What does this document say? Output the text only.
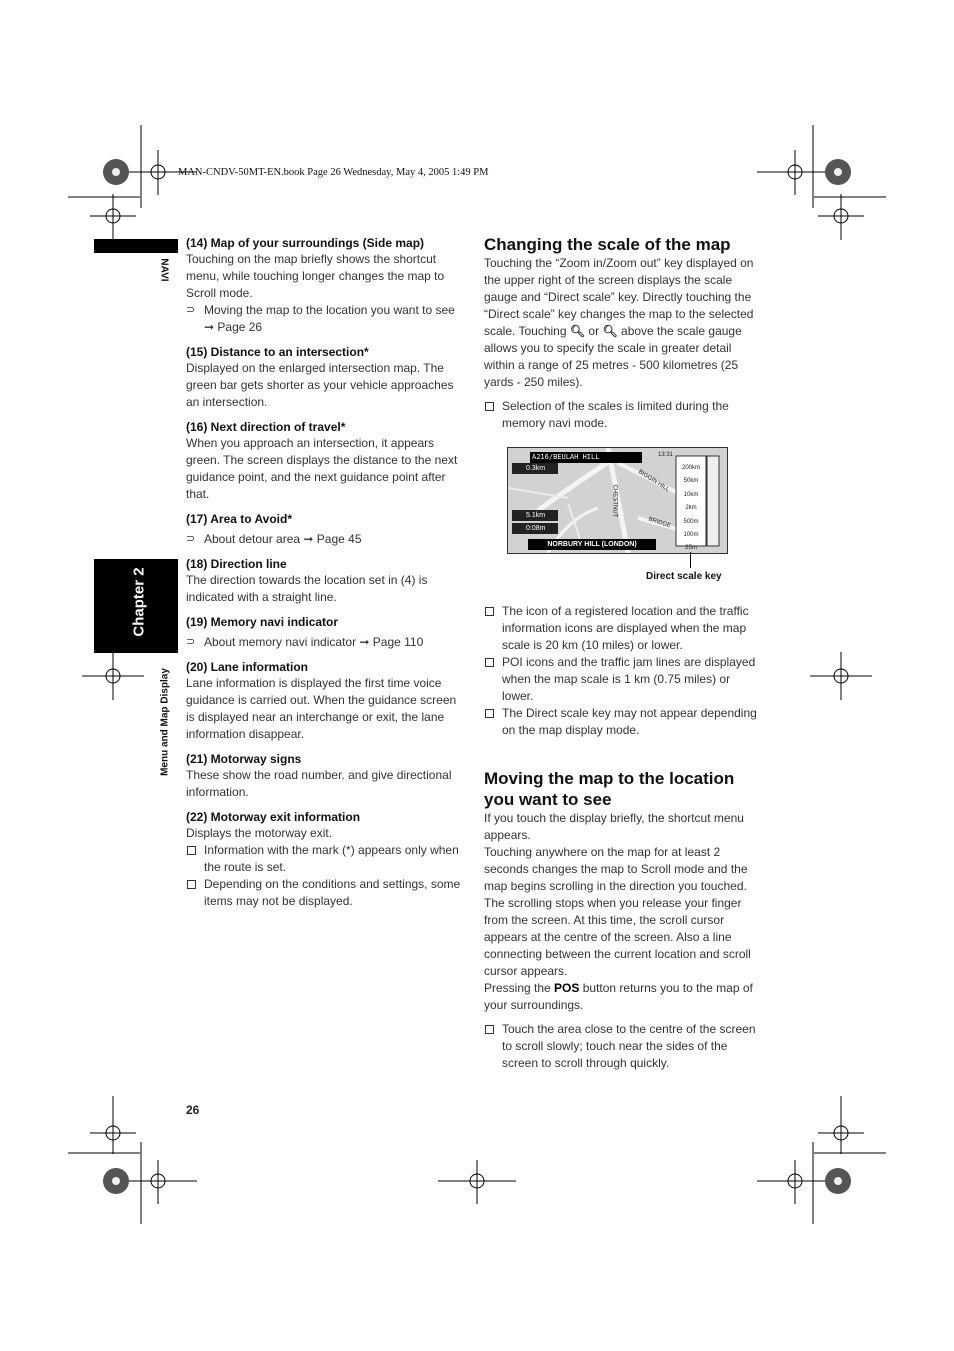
MAN-CNDV-50MT-EN.book Page 26 Wednesday, May 4, 2005 1:49 PM
NAVI
Chapter 2
Menu and Map Display

(14) Map of your surroundings (Side map)

Touching on the map briefly shows the shortcut menu, while touching longer changes the map to Scroll mode.

⊃ Moving the map to the location you want to see ➞ Page 26

(15) Distance to an intersection*

Displayed on the enlarged intersection map. The green bar gets shorter as your vehicle approaches an intersection.

(16) Next direction of travel*

When you approach an intersection, it appears green. The screen displays the distance to the next guidance point, and the next guidance point after that.

(17) Area to Avoid*

⊃ About detour area ➞ Page 45

(18) Direction line

The direction towards the location set in (4) is indicated with a straight line.

(19) Memory navi indicator

⊃ About memory navi indicator ➞ Page 110

(20) Lane information

Lane information is displayed the first time voice guidance is carried out. When the guidance screen is displayed near an interchange or exit, the lane information disappear.

(21) Motorway signs

These show the road number. and give directional information.

(22) Motorway exit information

Displays the motorway exit.

Information with the mark (*) appears only when the route is set.

Depending on the conditions and settings, some items may not be displayed.

Changing the scale of the map

Touching the “Zoom in/Zoom out” key displayed on the upper right of the screen displays the scale gauge and “Direct scale” key. Directly touching the “Direct scale” key changes the map to the selected scale. Touching 🔍︎ or 🔍︎ above the scale gauge allows you to specify the scale in greater detail within a range of 25 metres - 500 kilometres (25 yards - 250 miles).

Selection of the scales is limited during the memory navi mode.

A216/BEULAH HILL
0.3km
5.1km
0:08m
NORBURY HILL (LONDON)
13:31
200km
50km
10km
2km
500m
100m
25m
BIGGIN HILL
BRIDGE
CHESTNUT
Direct scale key

The icon of a registered location and the traffic information icons are displayed when the map scale is 20 km (10 miles) or lower.

POI icons and the traffic jam lines are displayed when the map scale is 1 km (0.75 miles) or lower.

The Direct scale key may not appear depending on the map display mode.

Moving the map to the location you want to see

If you touch the display briefly, the shortcut menu appears.

Touching anywhere on the map for at least 2 seconds changes the map to Scroll mode and the map begins scrolling in the direction you touched. The scrolling stops when you release your finger from the screen. At this time, the scroll cursor appears at the centre of the screen. Also a line connecting between the current location and scroll cursor appears.

Pressing the POS button returns you to the map of your surroundings.

Touch the area close to the centre of the screen to scroll slowly; touch near the sides of the screen to scroll through quickly.

26
